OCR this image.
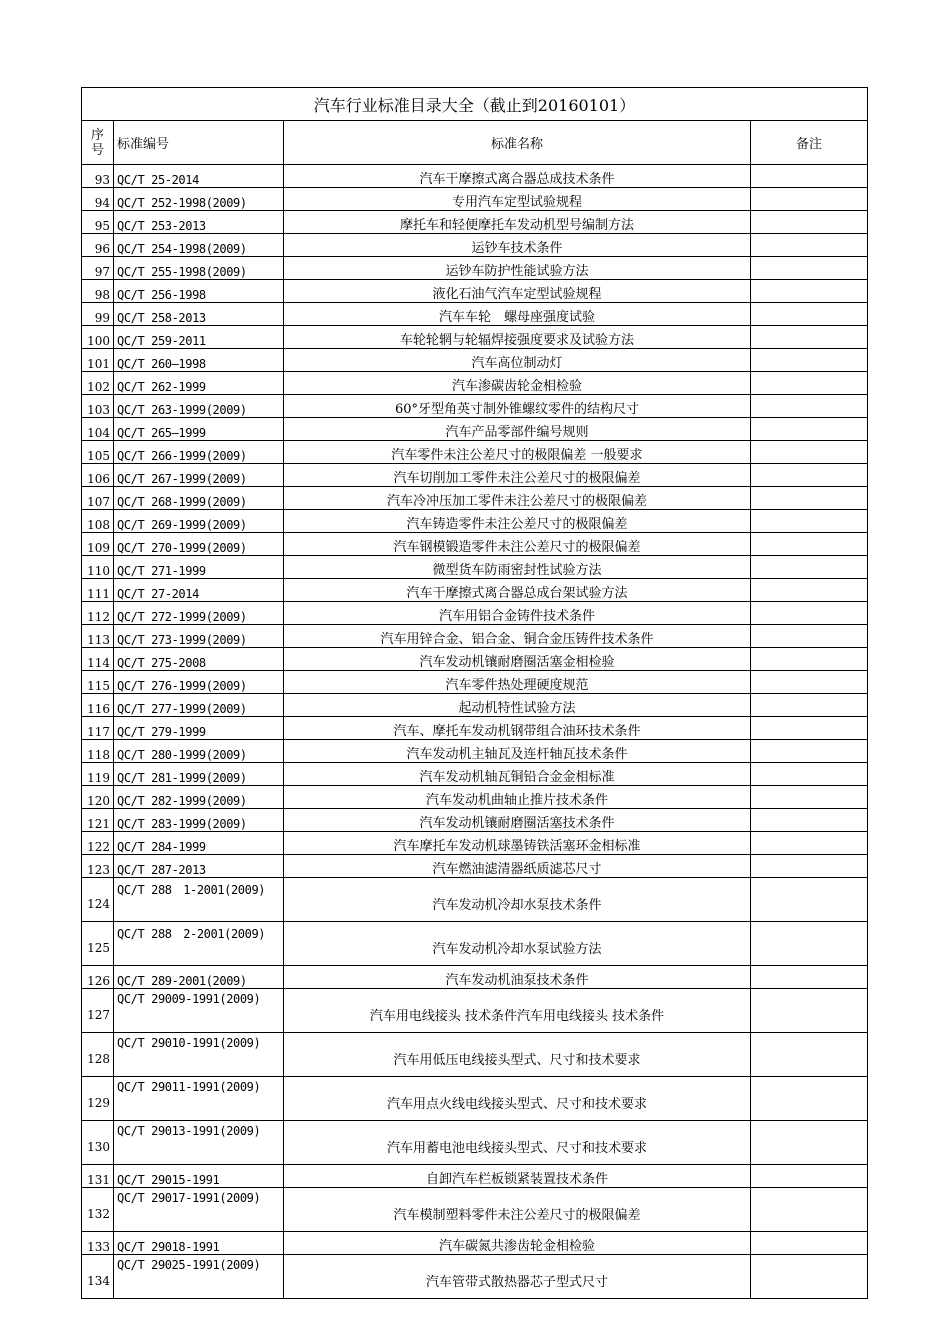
汽车行业标准目录大全（截止到20160101）			
序
号	标准编号	标准名称	备注
93	QC/T 25-2014	汽车干摩擦式离合器总成技术条件	
94	QC/T 252-1998(2009)	专用汽车定型试验规程	
95	QC/T 253-2013	摩托车和轻便摩托车发动机型号编制方法	
96	QC/T 254-1998(2009)	运钞车技术条件	
97	QC/T 255-1998(2009)	运钞车防护性能试验方法	
98	QC/T 256-1998	液化石油气汽车定型试验规程	
99	QC/T 258-2013	汽车车轮　螺母座强度试验	
100	QC/T 259-2011	车轮轮辋与轮辐焊接强度要求及试验方法	
101	QC/T 260—1998	汽车高位制动灯	
102	QC/T 262-1999	汽车渗碳齿轮金相检验	
103	QC/T 263-1999(2009)	60°牙型角英寸制外锥螺纹零件的结构尺寸	
104	QC/T 265—1999	汽车产品零部件编号规则	
105	QC/T 266-1999(2009)	汽车零件未注公差尺寸的极限偏差 一般要求	
106	QC/T 267-1999(2009)	汽车切削加工零件未注公差尺寸的极限偏差	
107	QC/T 268-1999(2009)	汽车冷冲压加工零件未注公差尺寸的极限偏差	
108	QC/T 269-1999(2009)	汽车铸造零件未注公差尺寸的极限偏差	
109	QC/T 270-1999(2009)	汽车钢模锻造零件未注公差尺寸的极限偏差	
110	QC/T 271-1999	微型货车防雨密封性试验方法	
111	QC/T 27-2014	汽车干摩擦式离合器总成台架试验方法	
112	QC/T 272-1999(2009)	汽车用铝合金铸件技术条件	
113	QC/T 273-1999(2009)	汽车用锌合金、铝合金、铜合金压铸件技术条件	
114	QC/T 275-2008	汽车发动机镶耐磨圈活塞金相检验	
115	QC/T 276-1999(2009)	汽车零件热处理硬度规范	
116	QC/T 277-1999(2009)	起动机特性试验方法	
117	QC/T 279-1999	汽车、摩托车发动机钢带组合油环技术条件	
118	QC/T 280-1999(2009)	汽车发动机主轴瓦及连杆轴瓦技术条件	
119	QC/T 281-1999(2009)	汽车发动机轴瓦铜铅合金金相标准	
120	QC/T 282-1999(2009)	汽车发动机曲轴止推片技术条件	
121	QC/T 283-1999(2009)	汽车发动机镶耐磨圈活塞技术条件	
122	QC/T 284-1999	汽车摩托车发动机球墨铸铁活塞环金相标准	
123	QC/T 287-2013	汽车燃油滤清器纸质滤芯尺寸	
124	QC/T 288　1-2001(2009)	汽车发动机冷却水泵技术条件	
125	QC/T 288　2-2001(2009)	汽车发动机冷却水泵试验方法	
126	QC/T 289-2001(2009)	汽车发动机油泵技术条件	
127	QC/T 29009-1991(2009)	汽车用电线接头 技术条件汽车用电线接头 技术条件	
128	QC/T 29010-1991(2009)	汽车用低压电线接头型式、尺寸和技术要求	
129	QC/T 29011-1991(2009)	汽车用点火线电线接头型式、尺寸和技术要求	
130	QC/T 29013-1991(2009)	汽车用蓄电池电线接头型式、尺寸和技术要求	
131	QC/T 29015-1991	自卸汽车栏板锁紧装置技术条件	
132	QC/T 29017-1991(2009)	汽车模制塑料零件未注公差尺寸的极限偏差	
133	QC/T 29018-1991	汽车碳氮共渗齿轮金相检验	
134	QC/T 29025-1991(2009)	汽车管带式散热器芯子型式尺寸	
